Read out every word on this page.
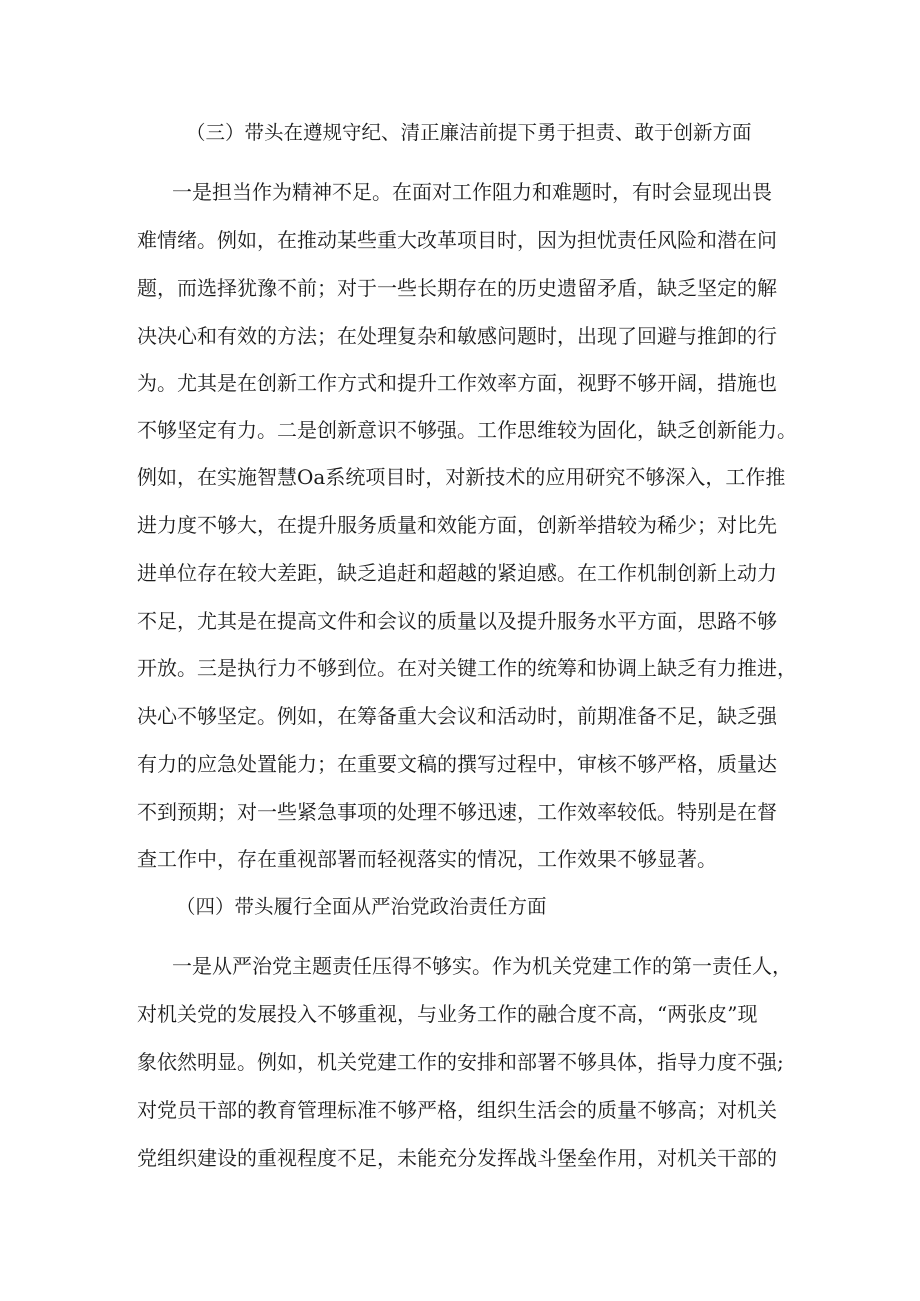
（三）带头在遵规守纪、清正廉洁前提下勇于担责、敢于创新方面
一是担当作为精神不足。在面对工作阻力和难题时，有时会显现出畏
难情绪。例如，在推动某些重大改革项目时，因为担忧责任风险和潜在问
题，而选择犹豫不前；对于一些长期存在的历史遗留矛盾，缺乏坚定的解
决决心和有效的方法；在处理复杂和敏感问题时，出现了回避与推卸的行
为。尤其是在创新工作方式和提升工作效率方面，视野不够开阔，措施也
不够坚定有力。二是创新意识不够强。工作思维较为固化，缺乏创新能力。
例如，在实施智慧Oa系统项目时，对新技术的应用研究不够深入，工作推
进力度不够大，在提升服务质量和效能方面，创新举措较为稀少；对比先
进单位存在较大差距，缺乏追赶和超越的紧迫感。在工作机制创新上动力
不足，尤其是在提高文件和会议的质量以及提升服务水平方面，思路不够
开放。三是执行力不够到位。在对关键工作的统筹和协调上缺乏有力推进，
决心不够坚定。例如，在筹备重大会议和活动时，前期准备不足，缺乏强
有力的应急处置能力；在重要文稿的撰写过程中，审核不够严格，质量达
不到预期；对一些紧急事项的处理不够迅速，工作效率较低。特别是在督
查工作中，存在重视部署而轻视落实的情况，工作效果不够显著。
（四）带头履行全面从严治党政治责任方面
一是从严治党主题责任压得不够实。作为机关党建工作的第一责任人，
对机关党的发展投入不够重视，与业务工作的融合度不高，“两张皮”现
象依然明显。例如，机关党建工作的安排和部署不够具体，指导力度不强;
对党员干部的教育管理标准不够严格，组织生活会的质量不够高；对机关
党组织建设的重视程度不足，未能充分发挥战斗堡垒作用，对机关干部的
